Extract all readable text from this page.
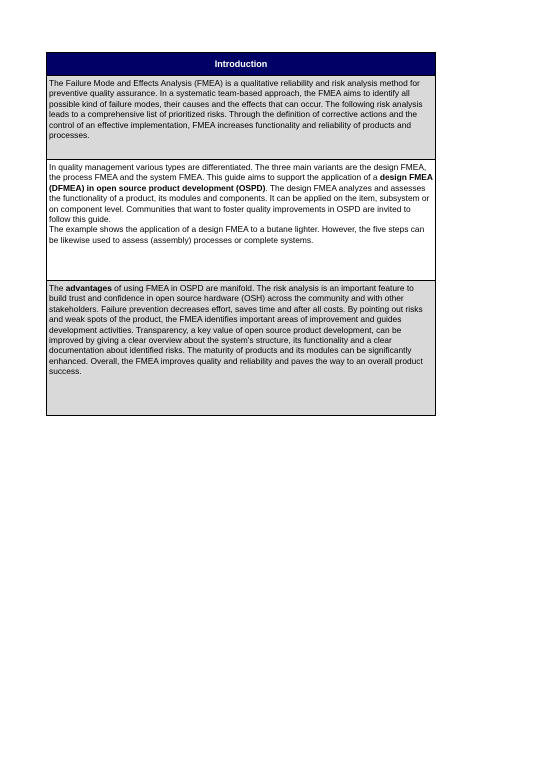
Introduction

The Failure Mode and Effects Analysis (FMEA) is a qualitative reliability and risk analysis method for preventive quality assurance. In a systematic team-based approach, the FMEA aims to identify all possible kind of failure modes, their causes and the effects that can occur. The following risk analysis leads to a comprehensive list of prioritized risks. Through the definition of corrective actions and the control of an effective implementation, FMEA increases functionality and reliability of products and processes.

In quality management various types are differentiated. The three main variants are the design FMEA, the process FMEA and the system FMEA. This guide aims to support the application of a design FMEA (DFMEA) in open source product development (OSPD). The design FMEA analyzes and assesses the functionality of a product, its modules and components. It can be applied on the item, subsystem or on component level. Communities that want to foster quality improvements in OSPD are invited to follow this guide.

The example shows the application of a design FMEA to a butane lighter. However, the five steps can be likewise used to assess (assembly) processes or complete systems.

The advantages of using FMEA in OSPD are manifold. The risk analysis is an important feature to build trust and confidence in open source hardware (OSH) across the community and with other stakeholders. Failure prevention decreases effort, saves time and after all costs. By pointing out risks and weak spots of the product, the FMEA identifies important areas of improvement and guides development activities. Transparency, a key value of open source product development, can be improved by giving a clear overview about the system's structure, its functionality and a clear documentation about identified risks. The maturity of products and its modules can be significantly enhanced. Overall, the FMEA improves quality and reliability and paves the way to an overall product success.
